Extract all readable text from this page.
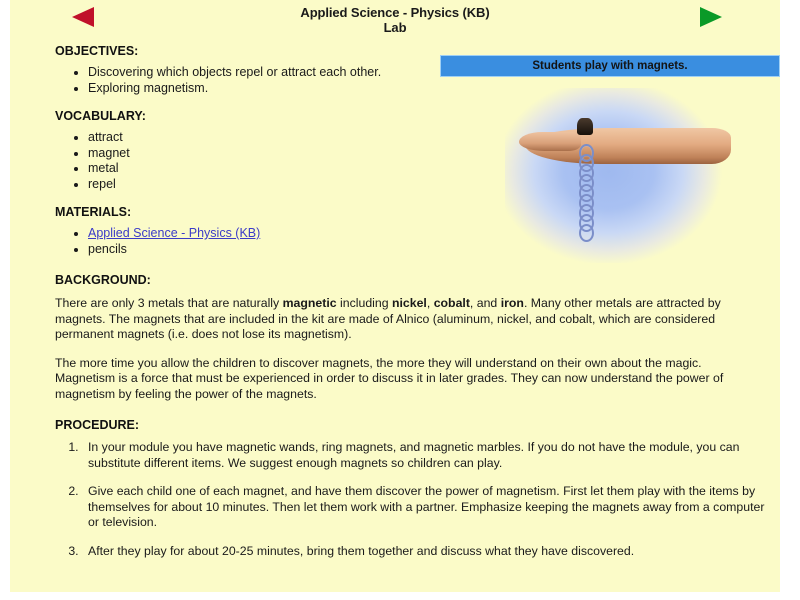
Applied Science - Physics (KB)
Lab
Students play with magnets.
OBJECTIVES:
• Discovering which objects repel or attract each other.
• Exploring magnetism.
VOCABULARY:
• attract
• magnet
• metal
• repel
MATERIALS:
• Applied Science - Physics (KB)
• pencils
BACKGROUND:

There are only 3 metals that are naturally magnetic including nickel, cobalt, and iron. Many other metals are attracted by magnets. The magnets that are included in the kit are made of Alnico (aluminum, nickel, and cobalt, which are considered permanent magnets (i.e. does not lose its magnetism).

The more time you allow the children to discover magnets, the more they will understand on their own about the magic. Magnetism is a force that must be experienced in order to discuss it in later grades. They can now understand the power of magnetism by feeling the power of the magnets.

PROCEDURE:
1. In your module you have magnetic wands, ring magnets, and magnetic marbles. If you do not have the module, you can substitute different items. We suggest enough magnets so children can play.
2. Give each child one of each magnet, and have them discover the power of magnetism. First let them play with the items by themselves for about 10 minutes. Then let them work with a partner. Emphasize keeping the magnets away from a computer or television.
3. After they play for about 20-25 minutes, bring them together and discuss what they have discovered.
